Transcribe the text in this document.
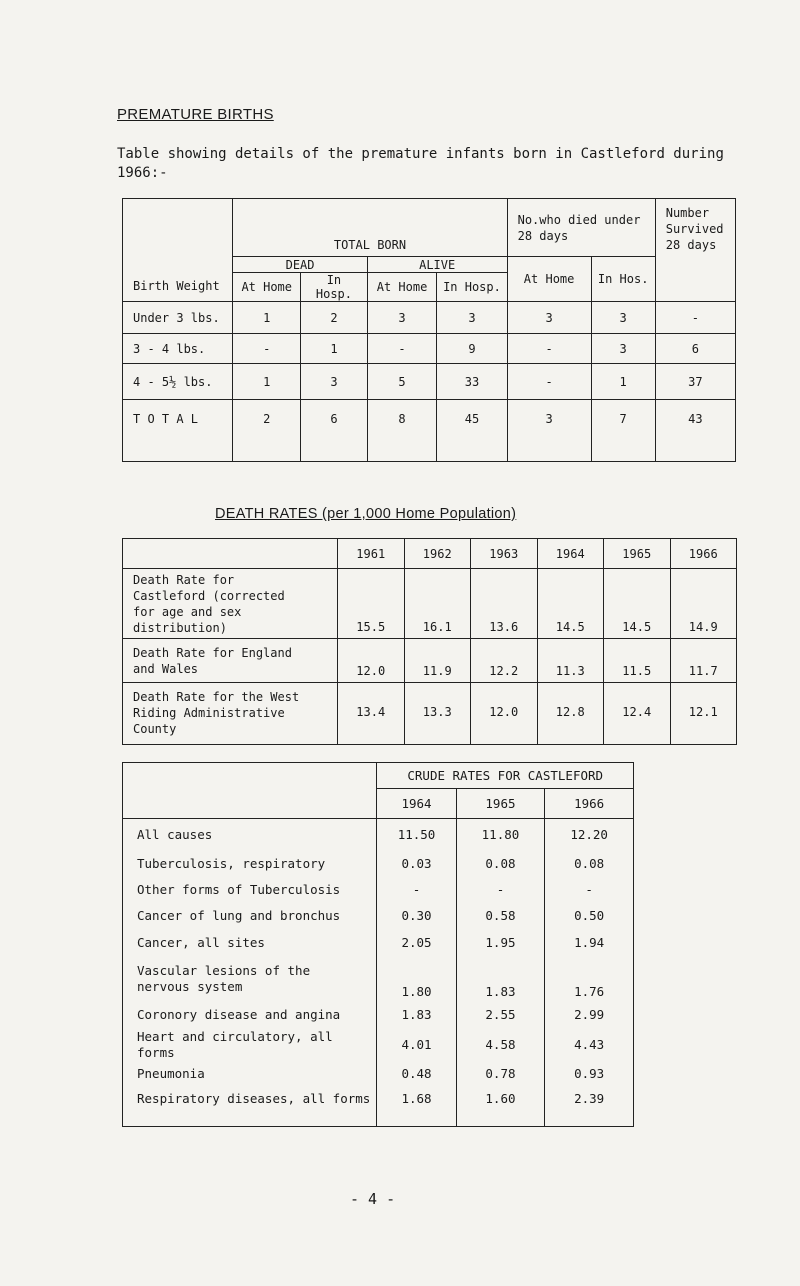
PREMATURE BIRTHS
Table showing details of the premature infants born in Castleford during 1966:-
Birth Weight	TOTAL BORN				No.who died under 28 days		Number Survived 28 days
	DEAD		ALIVE		At Home	In Hos.	
	At Home	In Hosp.	At Home	In Hosp.			
Under 3 lbs.	1	2	3	3	3	3	-
3 - 4 lbs.	-	1	-	9	-	3	6
4 - 5½ lbs.	1	3	5	33	-	1	37
T O T A L	2	6	8	45	3	7	43
DEATH RATES (per 1,000 Home Population)
	1961	1962	1963	1964	1965	1966
Death Rate for Castleford (corrected for age and sex distribution)	15.5	16.1	13.6	14.5	14.5	14.9
Death Rate for England and Wales	12.0	11.9	12.2	11.3	11.5	11.7
Death Rate for the West Riding Administrative County	13.4	13.3	12.0	12.8	12.4	12.1
	CRUDE RATES FOR CASTLEFORD		
	1964	1965	1966
All causes	11.50	11.80	12.20
Tuberculosis, respiratory	0.03	0.08	0.08
Other forms of Tuberculosis	-	-	-
Cancer of lung and bronchus	0.30	0.58	0.50
Cancer, all sites	2.05	1.95	1.94
Vascular lesions of the nervous system	1.80	1.83	1.76
Coronory disease and angina	1.83	2.55	2.99
Heart and circulatory, all forms	4.01	4.58	4.43
Pneumonia	0.48	0.78	0.93
Respiratory diseases, all forms	1.68	1.60	2.39
- 4 -
